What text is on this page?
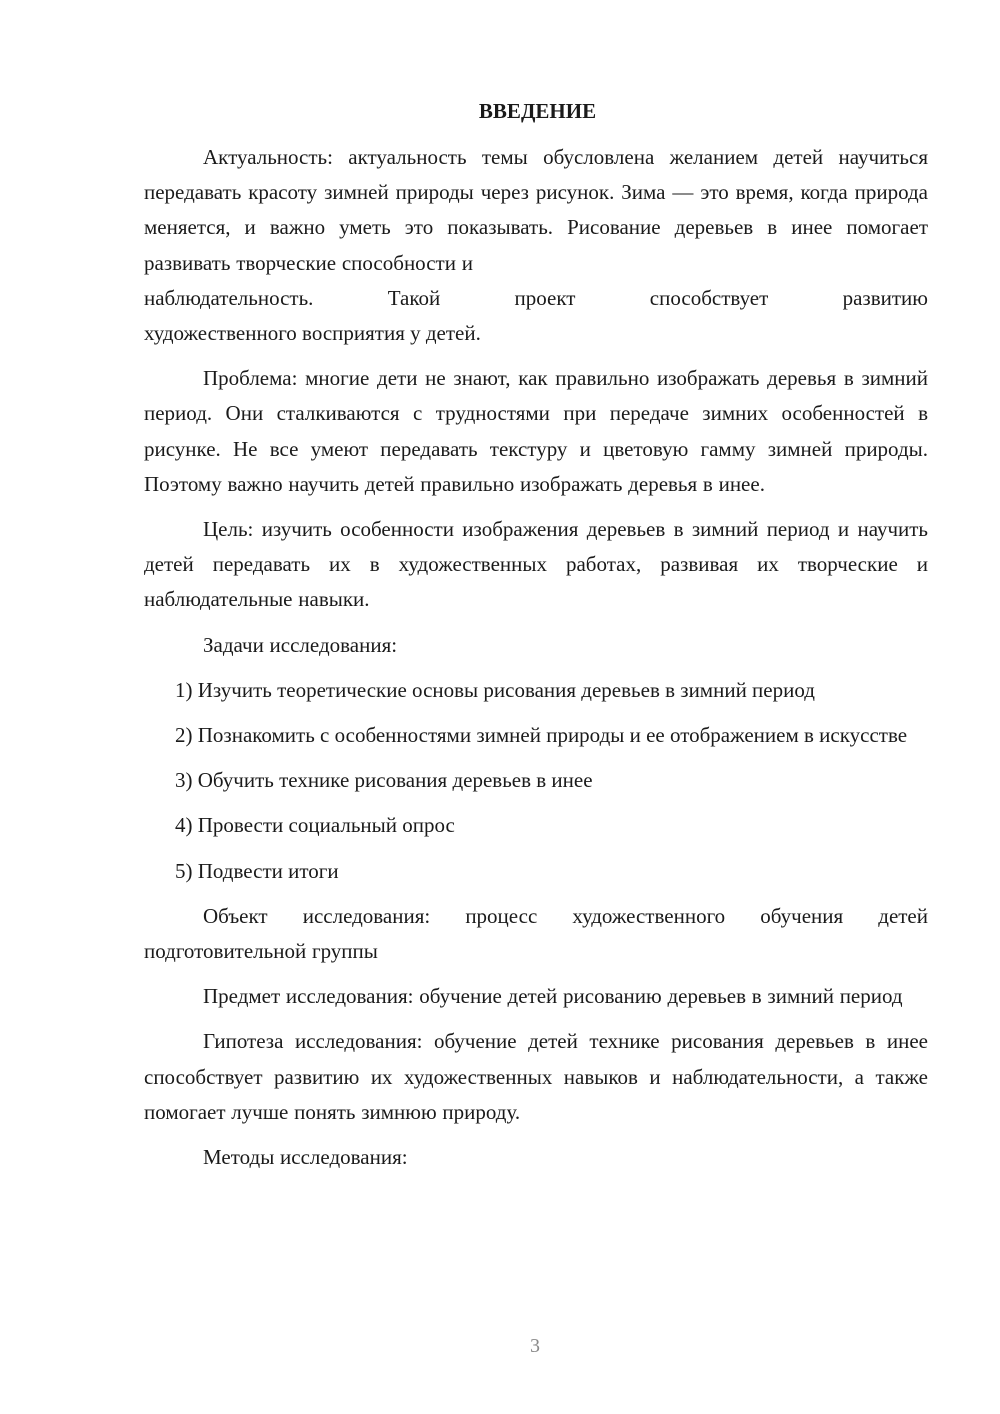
ВВЕДЕНИЕ
Актуальность: актуальность темы обусловлена желанием детей научиться передавать красоту зимней природы через рисунок. Зима — это время, когда природа меняется, и важно уметь это показывать. Рисование деревьев в инее помогает развивать творческие способности и
наблюдательность. Такой проект способствует развитию
художественного восприятия у детей.

Проблема: многие дети не знают, как правильно изображать деревья в зимний период. Они сталкиваются с трудностями при передаче зимних особенностей в рисунке. Не все умеют передавать текстуру и цветовую гамму зимней природы. Поэтому важно научить детей правильно изображать деревья в инее.

Цель: изучить особенности изображения деревьев в зимний период и научить детей передавать их в художественных работах, развивая их творческие и наблюдательные навыки.

Задачи исследования:

1) Изучить теоретические основы рисования деревьев в зимний период

2) Познакомить с особенностями зимней природы и ее отображением в искусстве

3) Обучить технике рисования деревьев в инее

4) Провести социальный опрос

5) Подвести итоги

Объект исследования: процесс художественного обучения детей подготовительной группы

Предмет исследования: обучение детей рисованию деревьев в зимний период

Гипотеза исследования: обучение детей технике рисования деревьев в инее способствует развитию их художественных навыков и наблюдательности, а также помогает лучше понять зимнюю природу.

Методы исследования:

3
